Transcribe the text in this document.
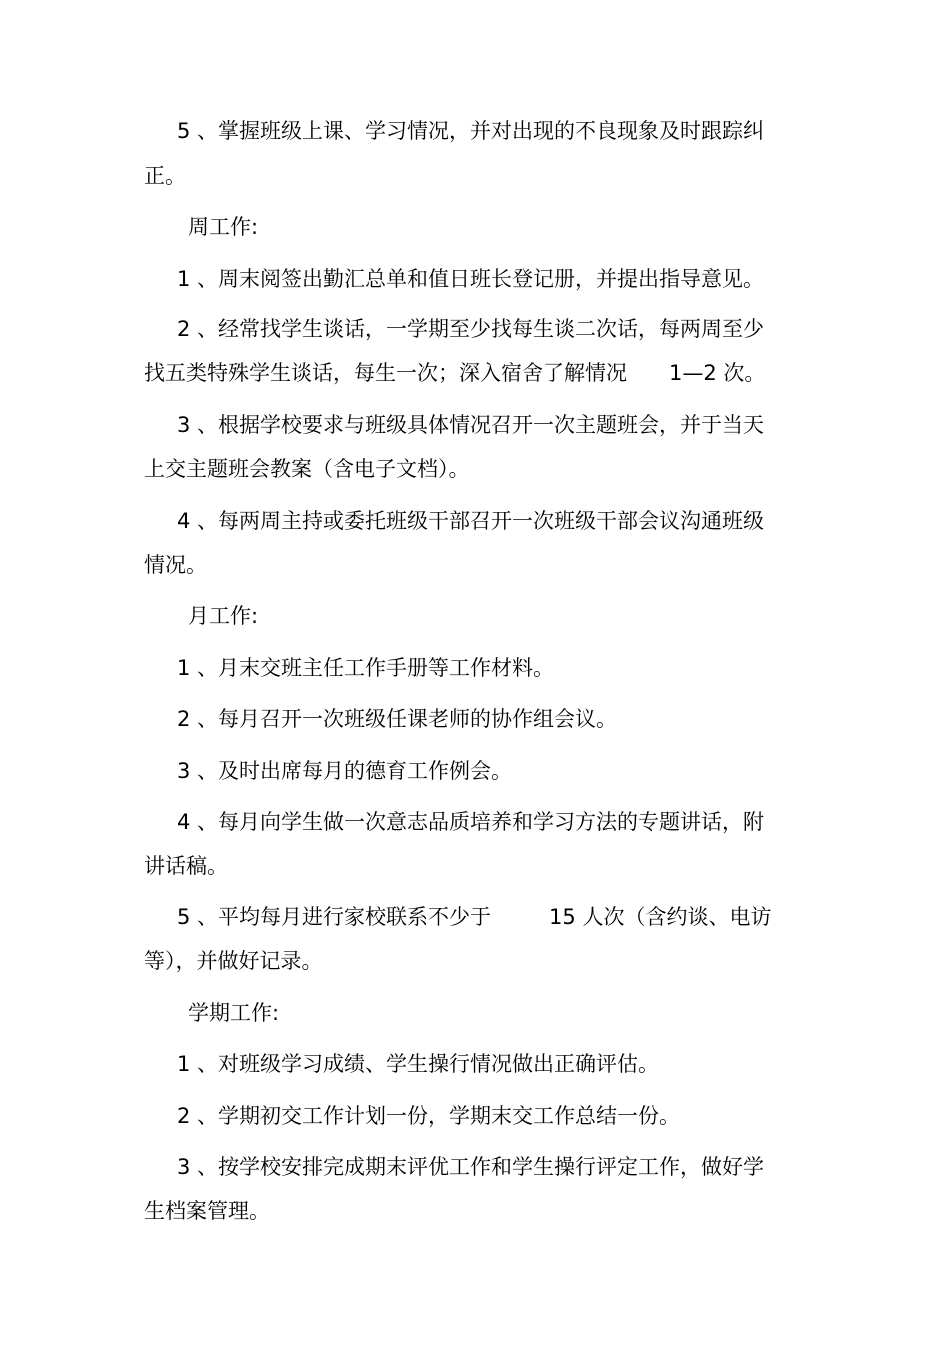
5 、掌握班级上课、学习情况，并对出现的不良现象及时跟踪纠

正。

周工作:

1 、周末阅签出勤汇总单和值日班长登记册，并提出指导意见。

2 、经常找学生谈话，一学期至少找每生谈二次话，每两周至少

找五类特殊学生谈话，每生一次；深入宿舍了解情况 1—2 次。

3 、根据学校要求与班级具体情况召开一次主题班会，并于当天

上交主题班会教案（含电子文档）。

4 、每两周主持或委托班级干部召开一次班级干部会议沟通班级

情况。

月工作:

1 、月末交班主任工作手册等工作材料。

2 、每月召开一次班级任课老师的协作组会议。

3 、及时出席每月的德育工作例会。

4 、每月向学生做一次意志品质培养和学习方法的专题讲话，附

讲话稿。

5 、平均每月进行家校联系不少于	15 人次（含约谈、电访

等），并做好记录。

学期工作:

1 、对班级学习成绩、学生操行情况做出正确评估。

2 、学期初交工作计划一份，学期末交工作总结一份。

3 、按学校安排完成期末评优工作和学生操行评定工作，做好学

生档案管理。
